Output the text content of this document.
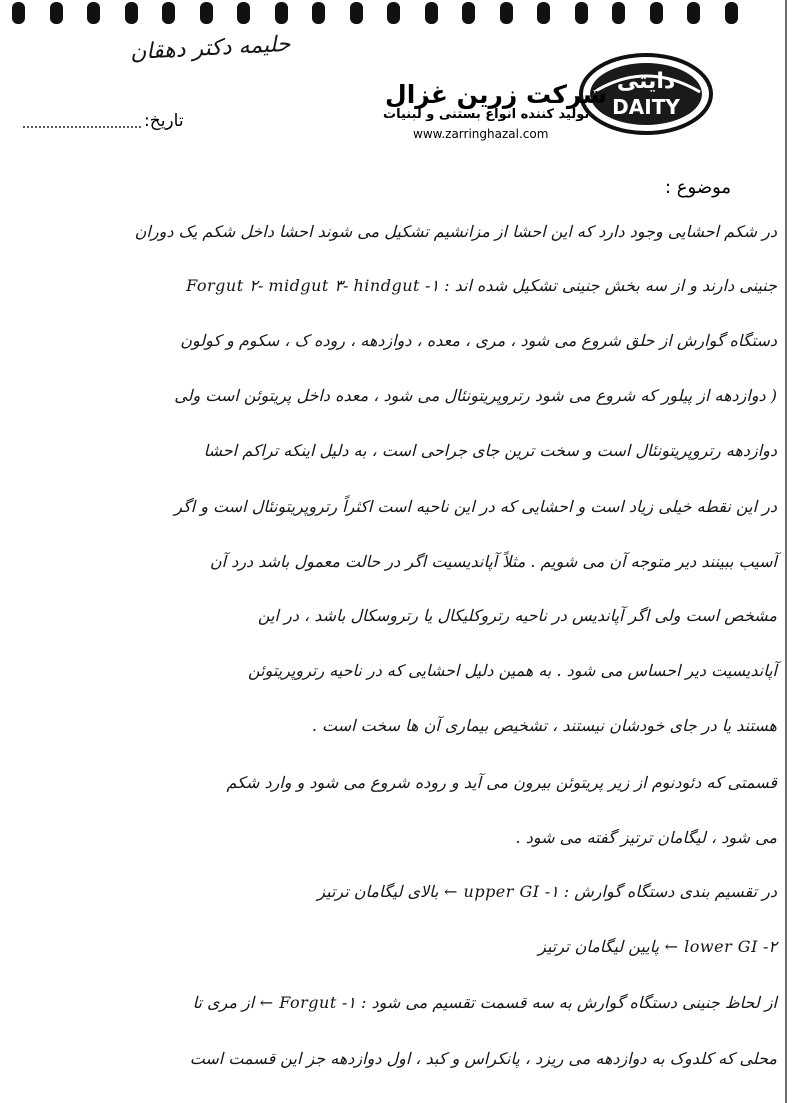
حلیمه دکتر دهقان
دایتی
DAITY
شرکت زرین غزال
تولید کننده انواع بستنی و لبنیات
www.zarringhazal.com
تاریخ:
موضوع :
در شکم احشایی وجود دارد که این احشا از مزانشیم تشکیل می شوند احشا داخل شکم یک دوران
جنینی دارند و از سه بخش جنینی تشکیل شده اند : ۱- Forgut ۲- midgut ۳- hindgut
دستگاه گوارش از حلق شروع می شود ، مری ، معده ، دوازدهه ، روده ک ، سکوم و کولون
( دوازدهه از پیلور که شروع می شود رتروپریتونئال می شود ، معده داخل پریتوئن است ولی
دوازدهه رتروپریتونئال است و سخت ترین جای جراحی است ، به دلیل اینکه تراکم احشا
در این نقطه خیلی زیاد است و احشایی که در این ناحیه است اکثراً رتروپریتونئال است و اگر
آسیب ببینند دیر متوجه آن می شویم . مثلاً آپاندیسیت اگر در حالت معمول باشد درد آن
مشخص است ولی اگر آپاندیس در ناحیه رتروکلیکال یا رتروسکال باشد ، در این
آپاندیسیت دیر احساس می شود . به همین دلیل احشایی که در ناحیه رتروپریتوئن
هستند یا در جای خودشان نیستند ، تشخیص بیماری آن ها سخت است .
قسمتی که دئودنوم از زیر پریتوئن بیرون می آید و روده شروع می شود و وارد شکم
می شود ، لیگامان ترتیز گفته می شود .
در تقسیم بندی دستگاه گوارش : ۱- upper GI ← بالای لیگامان ترتیز
۲- lower GI ← پایین لیگامان ترتیز
از لحاظ جنینی دستگاه گوارش به سه قسمت تقسیم می شود : ۱- Forgut ← از مری تا
محلی که کلدوک به دوازدهه می ریزد ، پانکراس و کبد ، اول دوازدهه جز این قسمت است
